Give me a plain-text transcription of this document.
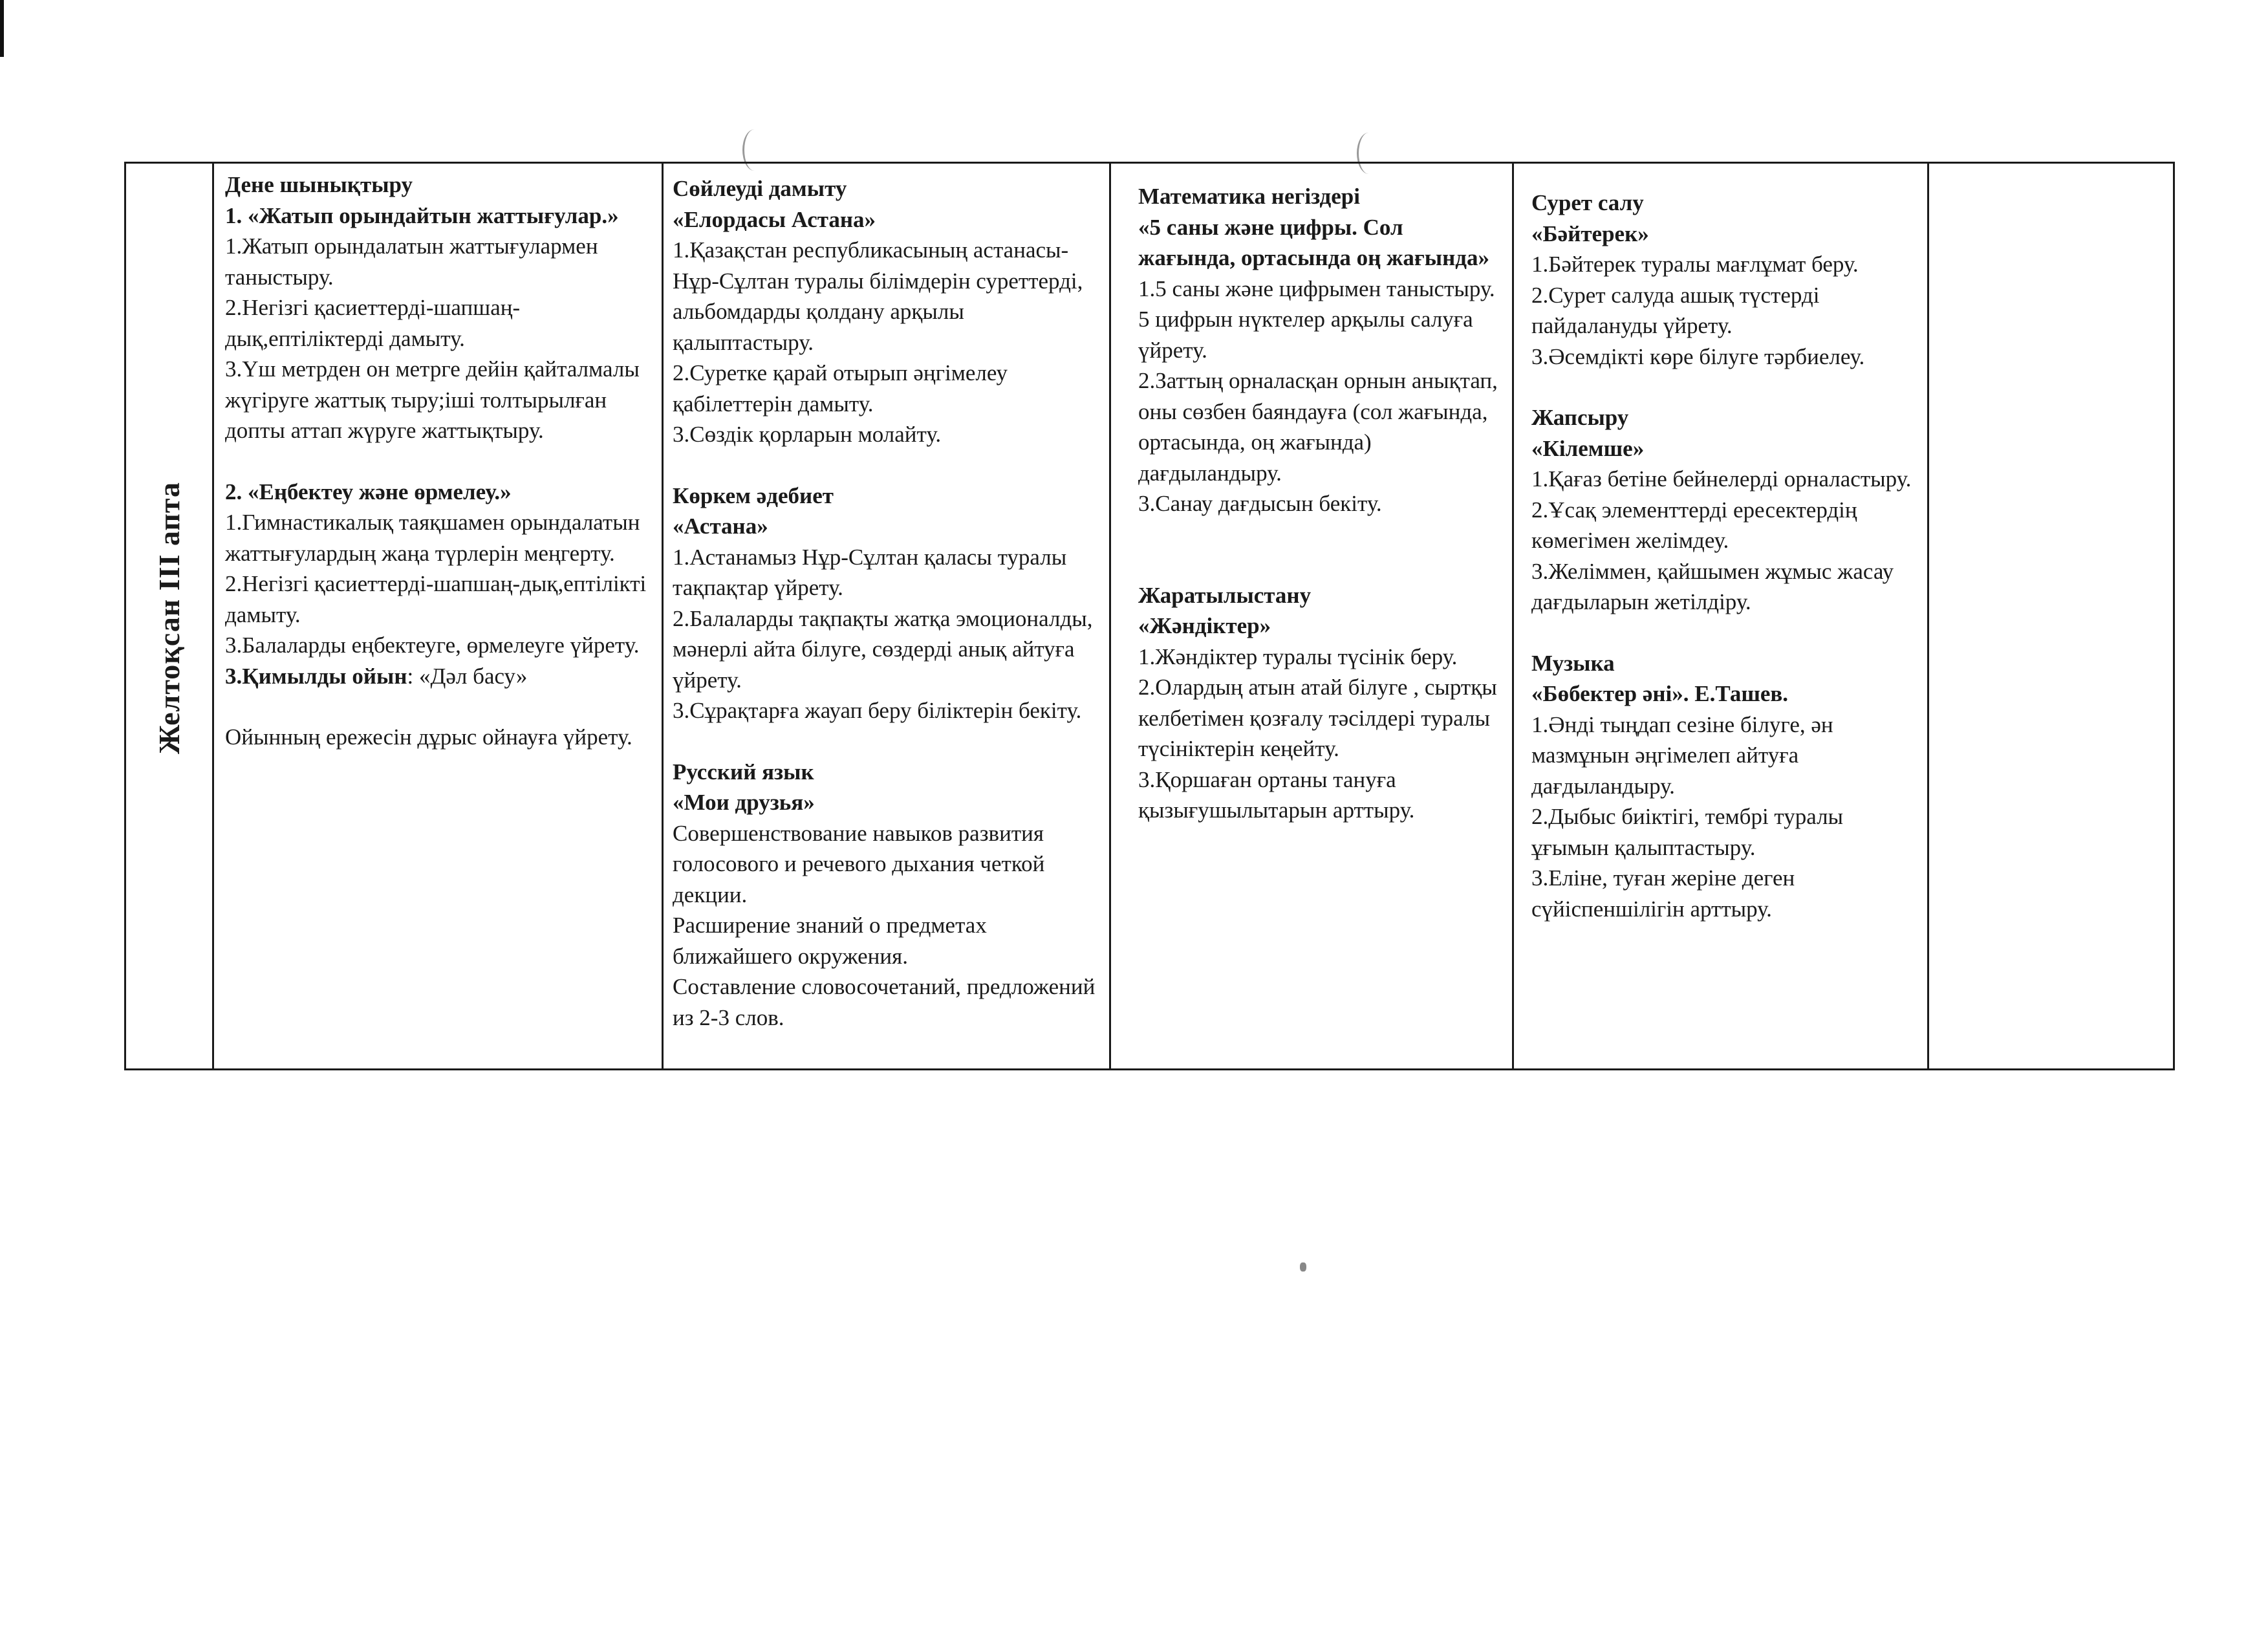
Желтоқсан III апта
Дене шынықтыру
1. «Жатып орындайтын жаттығулар.»
1.Жатып орындалатын жаттығулармен таныстыру.
2.Негізгі қасиеттерді-шапшаң-дық,ептіліктерді дамыту.
3.Үш метрден он метрге дейін қайталмалы жүгіруге жаттық тыру;іші толтырылған допты аттап жүруге жаттықтыру.
2. «Еңбектеу және өрмелеу.»
1.Гимнастикалық таяқшамен орындалатын жаттығулардың жаңа түрлерін меңгерту.
2.Негізгі қасиеттерді-шапшаң-дық,ептілікті дамыту.
3.Балаларды еңбектеуге, өрмелеуге үйрету.
3.Қимылды ойын: «Дәл басу»
Ойынның ережесін дұрыс ойнауға үйрету.
Сөйлеуді дамыту
«Елордасы Астана»
1.Қазақстан республикасының астанасы-Нұр-Сұлтан туралы білімдерін суреттерді, альбомдарды қолдану арқылы қалыптастыру.
2.Суретке қарай отырып әңгімелеу қабілеттерін дамыту.
3.Сөздік қорларын молайту.
Көркем әдебиет
«Астана»
1.Астанамыз Нұр-Сұлтан қаласы туралы тақпақтар үйрету.
2.Балаларды тақпақты жатқа эмоционалды, мәнерлі айта білуге, сөздерді анық айтуға үйрету.
3.Сұрақтарға жауап беру біліктерін бекіту.
Русский язык
«Мои друзья»
Совершенствование навыков развития голосового и речевого дыхания четкой декции.
Расширение знаний о предметах ближайшего окружения.
Составление словосочетаний, предложений из 2-3 слов.
Математика негіздері
«5 саны және цифры. Сол жағында, ортасында оң жағында»
1.5 саны және цифрымен таныстыру. 5 цифрын нүктелер арқылы салуға үйрету.
2.Заттың орналасқан орнын анықтап, оны сөзбен баяндауға (сол жағында, ортасында, оң жағында) дағдыландыру.
3.Санау дағдысын бекіту.
Жаратылыстану
«Жәндіктер»
1.Жәндіктер туралы түсінік беру.
2.Олардың атын атай білуге , сыртқы келбетімен қозғалу тәсілдері туралы түсініктерін кеңейту.
3.Қоршаған ортаны тануға қызығушылытарын арттыру.
Сурет салу
«Бәйтерек»
1.Бәйтерек туралы мағлұмат беру.
2.Сурет салуда ашық түстерді пайдалануды үйрету.
3.Әсемдікті көре білуге тәрбиелеу.
Жапсыру
«Кілемше»
1.Қағаз бетіне бейнелерді орналастыру.
2.Ұсақ элементтерді ересектердің көмегімен желімдеу.
3.Желіммен, қайшымен жұмыс жасау дағдыларын жетілдіру.
Музыка
«Бөбектер әні». Е.Ташев.
1.Әнді тыңдап сезіне білуге, ән мазмұнын әңгімелеп айтуға дағдыландыру.
2.Дыбыс биіктігі, тембрі туралы ұғымын қалыптастыру.
3.Еліне, туған жеріне деген сүйіспеншілігін арттыру.
